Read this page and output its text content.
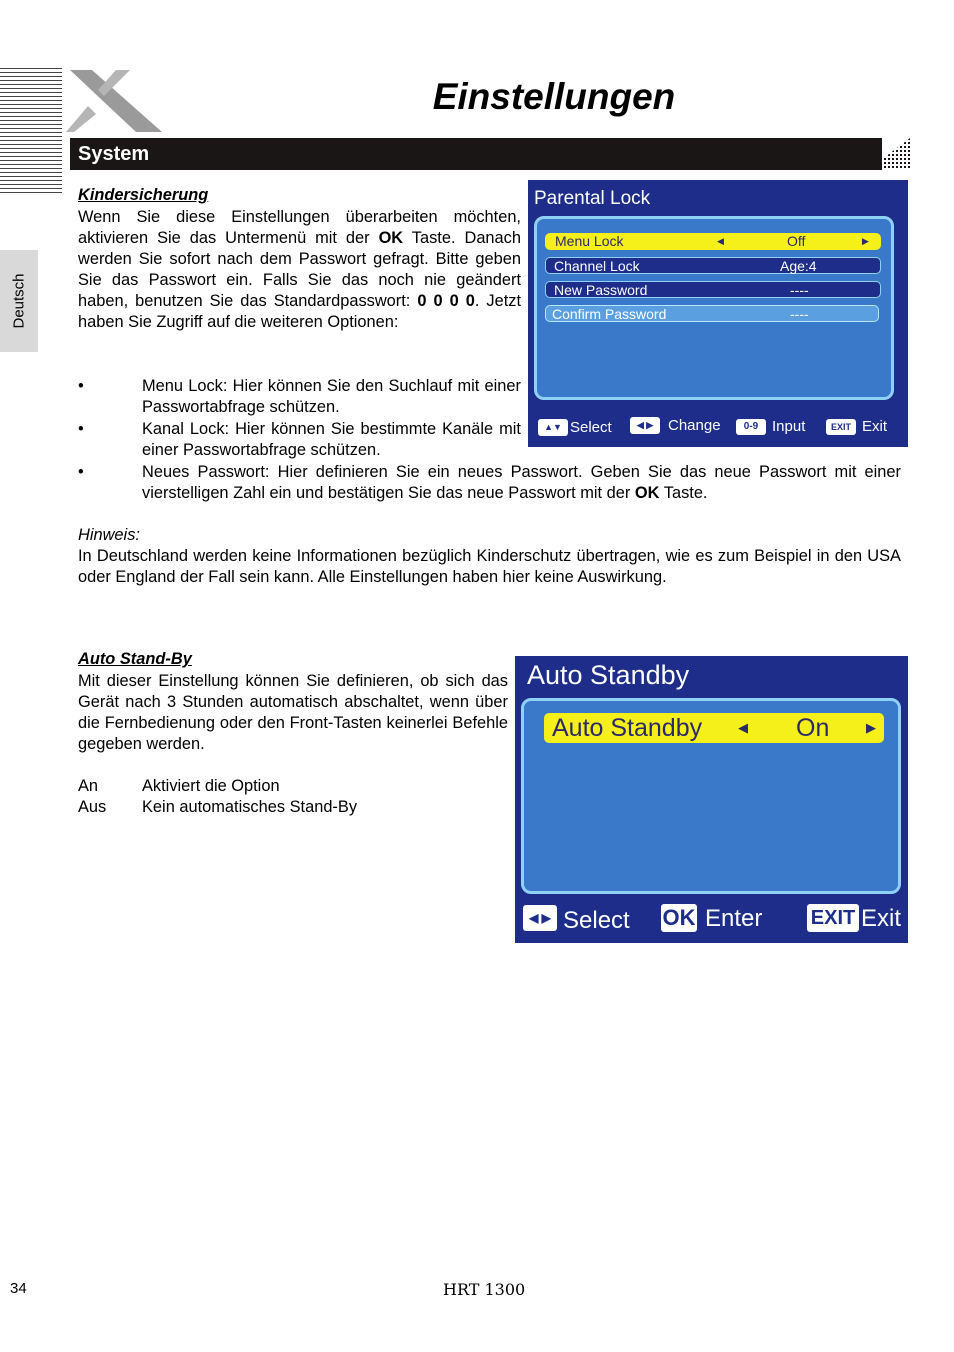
Deutsch
Einstellungen
System
Kindersicherung
Wenn Sie diese Einstellungen überarbeiten möchten, aktivieren Sie das Untermenü mit der OK Taste. Danach werden Sie sofort nach dem Passwort gefragt. Bitte geben Sie das Passwort ein. Falls Sie das noch nie geändert haben, benutzen Sie das Standardpasswort: 0 0 0 0. Jetzt haben Sie Zugriff auf die weiteren Optionen:
•	Menu Lock: Hier können Sie den Suchlauf mit einer Passwortabfrage schützen.
•	Kanal Lock: Hier können Sie bestimmte Kanäle mit einer Passwortabfrage schützen.
•	Neues Passwort: Hier definieren Sie ein neues Passwort. Geben Sie das neue Passwort mit einer vierstelligen Zahl ein und bestätigen Sie das neue Passwort mit der OK Taste.
Hinweis:
In Deutschland werden keine Informationen bezüglich Kinderschutz übertragen, wie es zum Beispiel in den USA oder England der Fall sein kann. Alle Einstellungen haben hier keine Auswirkung.
Auto Stand-By
Mit dieser Einstellung können Sie definieren, ob sich das Gerät nach 3 Stunden automatisch abschaltet, wenn über die Fernbedienung oder den Front-Tasten keinerlei Befehle gegeben werden.
An	Aktiviert die Option
Aus Kein automatisches Stand-By
Parental Lock
Menu Lock	◀	Off	▶
Channel Lock	Age:4
New Password	----
Confirm Password	----
▲▼ Select	◀ ▶ Change	0-9 Input	EXIT Exit
Auto Standby
Auto Standby	◀ On	▶
◀ ▶ Select OK Enter EXIT Exit
34	HRT 1300
